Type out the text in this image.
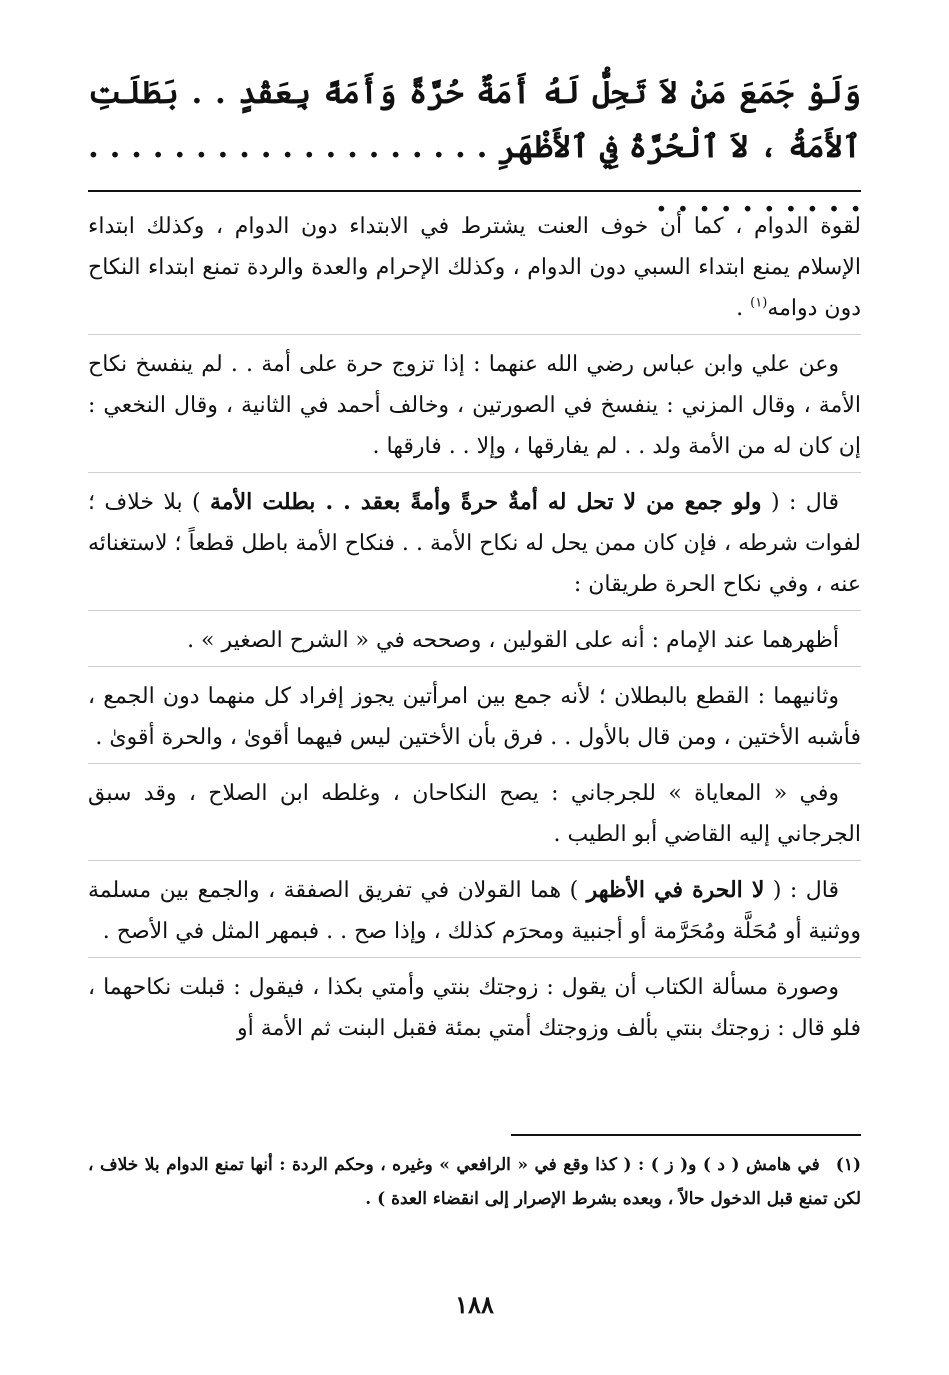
وَلَوْ جَمَعَ مَنْ لاَ تَحِلُّ لَهُ أَمَةٌ حُرَّةً وَأَمَةً بِعَقْدٍ . . بَطَلَتِ ٱلأَمَةُ ، لاَ ٱلْحُرَّةُ فِي ٱلأَظْهَرِ . . . . . . . . . . . . . . . . . . . . . . . . . . . . .

لقوة الدوام ، كما أن خوف العنت يشترط في الابتداء دون الدوام ، وكذلك ابتداء الإسلام يمنع ابتداء السبي دون الدوام ، وكذلك الإحرام والعدة والردة تمنع ابتداء النكاح دون دوامه$^{(١)}$ .

وعن علي وابن عباس رضي الله عنهما : إذا تزوج حرة على أمة . . لم ينفسخ نكاح الأمة ، وقال المزني : ينفسخ في الصورتين ، وخالف أحمد في الثانية ، وقال النخعي : إن كان له من الأمة ولد . . لم يفارقها ، وإلا . . فارقها .

قال : ( ولو جمع من لا تحل له أمةٌ حرةً وأمةً بعقد . . بطلت الأمة ) بلا خلاف ؛ لفوات شرطه ، فإن كان ممن يحل له نكاح الأمة . . فنكاح الأمة باطل قطعاً ؛ لاستغنائه عنه ، وفي نكاح الحرة طريقان :

أظهرهما عند الإمام : أنه على القولين ، وصححه في « الشرح الصغير » .

وثانيهما : القطع بالبطلان ؛ لأنه جمع بين امرأتين يجوز إفراد كل منهما دون الجمع ، فأشبه الأختين ، ومن قال بالأول . . فرق بأن الأختين ليس فيهما أقوىٰ ، والحرة أقوىٰ .

وفي « المعاياة » للجرجاني : يصح النكاحان ، وغلطه ابن الصلاح ، وقد سبق الجرجاني إليه القاضي أبو الطيب .

قال : ( لا الحرة في الأظهر ) هما القولان في تفريق الصفقة ، والجمع بين مسلمة ووثنية أو مُحَلَّة ومُحَرَّمة أو أجنبية ومحرَم كذلك ، وإذا صح . . فبمهر المثل في الأصح .

وصورة مسألة الكتاب أن يقول : زوجتك بنتي وأمتي بكذا ، فيقول : قبلت نكاحهما ، فلو قال : زوجتك بنتي بألف وزوجتك أمتي بمئة فقبل البنت ثم الأمة أو

(١)في هامش ( د ) و( ز ) : ( كذا وقع في « الرافعي » وغيره ، وحكم الردة : أنها تمنع الدوام بلا خلاف ، لكن تمنع قبل الدخول حالاً ، وبعده بشرط الإصرار إلى انقضاء العدة ) .
١٨٨
